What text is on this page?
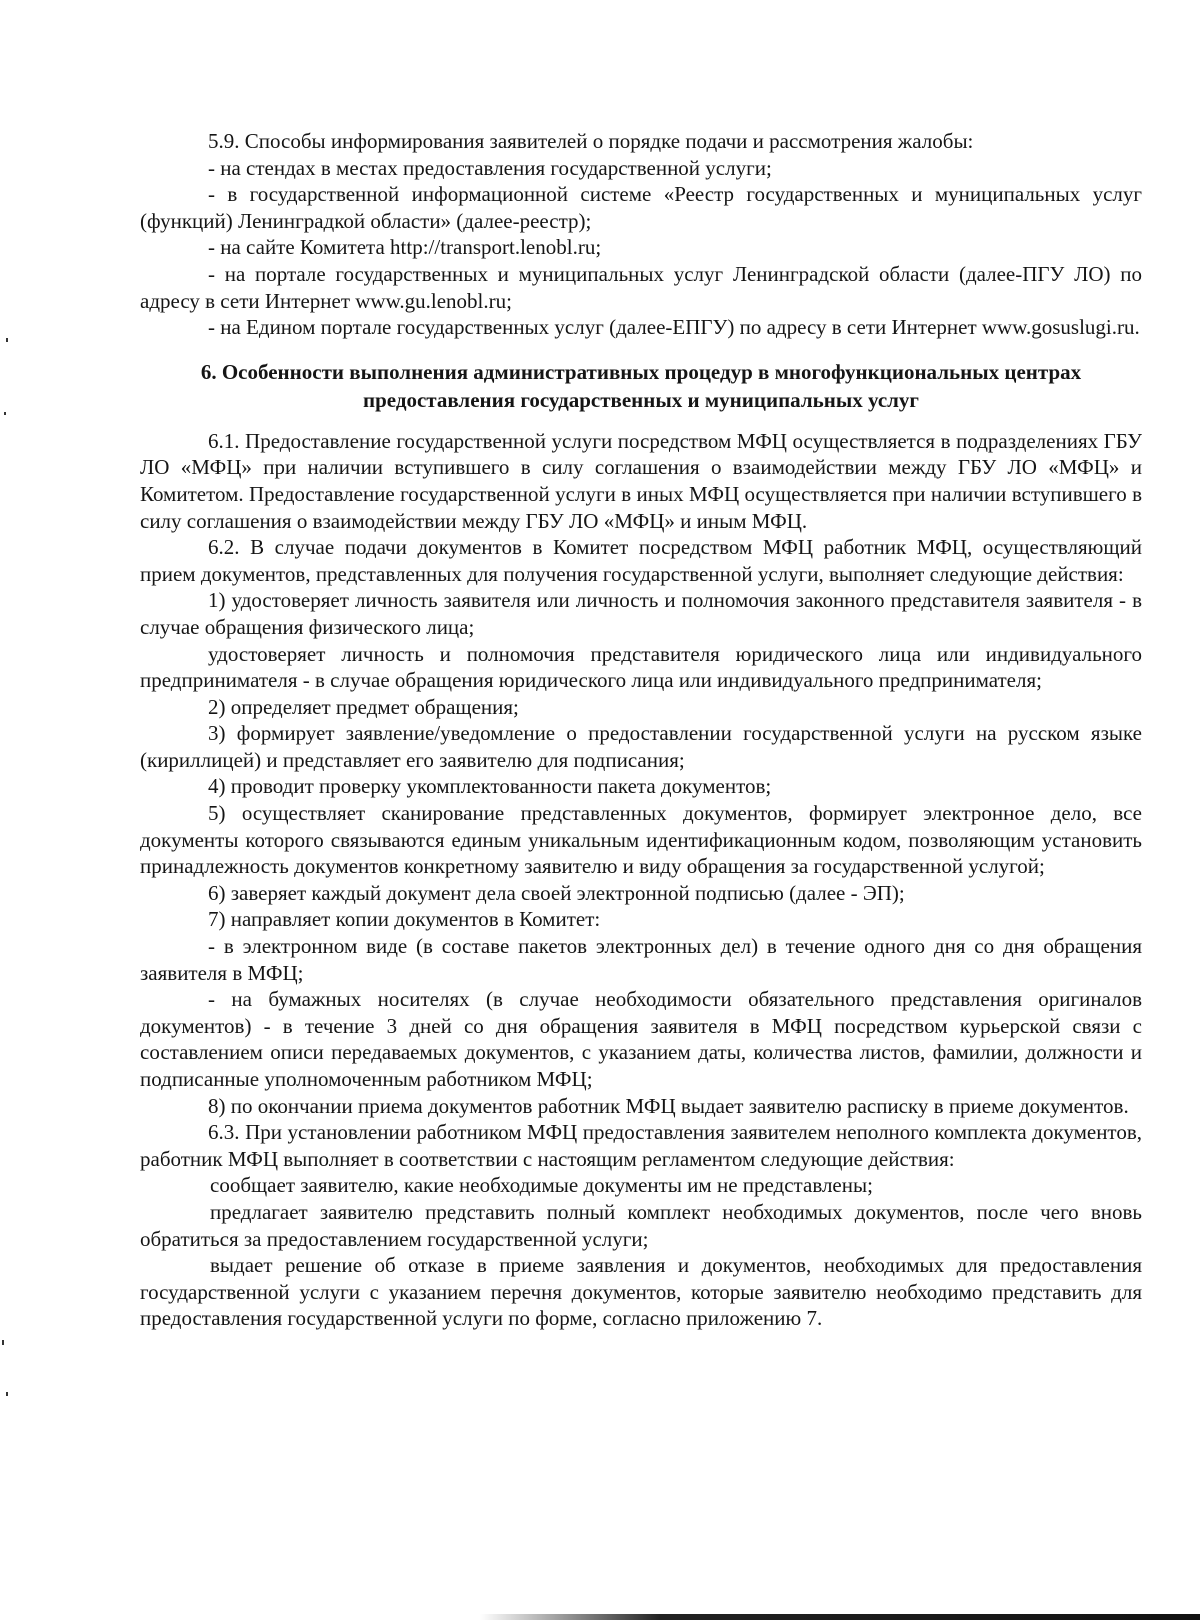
5.9. Способы информирования заявителей о порядке подачи и рассмотрения жалобы:

- на стендах в местах предоставления государственной услуги;

- в государственной информационной системе «Реестр государственных и муниципальных услуг (функций) Ленинградкой области» (далее-реестр);

- на сайте Комитета http://transport.lenobl.ru;

- на портале государственных и муниципальных услуг Ленинградской области (далее-ПГУ ЛО) по адресу в сети Интернет www.gu.lenobl.ru;

- на Едином портале государственных услуг (далее-ЕПГУ) по адресу в сети Интернет www.gosuslugi.ru.

6. Особенности выполнения административных процедур в многофункциональных центрах предоставления государственных и муниципальных услуг

6.1. Предоставление государственной услуги посредством МФЦ осуществляется в подразделениях ГБУ ЛО «МФЦ» при наличии вступившего в силу соглашения о взаимодействии между ГБУ ЛО «МФЦ» и Комитетом. Предоставление государственной услуги в иных МФЦ осуществляется при наличии вступившего в силу соглашения о взаимодействии между ГБУ ЛО «МФЦ» и иным МФЦ.

6.2. В случае подачи документов в Комитет посредством МФЦ работник МФЦ, осуществляющий прием документов, представленных для получения государственной услуги, выполняет следующие действия:

1) удостоверяет личность заявителя или личность и полномочия законного представителя заявителя - в случае обращения физического лица;

удостоверяет личность и полномочия представителя юридического лица или индивидуального предпринимателя - в случае обращения юридического лица или индивидуального предпринимателя;

2) определяет предмет обращения;

3) формирует заявление/уведомление о предоставлении государственной услуги на русском языке (кириллицей) и представляет его заявителю для подписания;

4) проводит проверку укомплектованности пакета документов;

5) осуществляет сканирование представленных документов, формирует электронное дело, все документы которого связываются единым уникальным идентификационным кодом, позволяющим установить принадлежность документов конкретному заявителю и виду обращения за государственной услугой;

6) заверяет каждый документ дела своей электронной подписью (далее - ЭП);

7) направляет копии документов в Комитет:

- в электронном виде (в составе пакетов электронных дел) в течение одного дня со дня обращения заявителя в МФЦ;

- на бумажных носителях (в случае необходимости обязательного представления оригиналов документов) - в течение 3 дней со дня обращения заявителя в МФЦ посредством курьерской связи с составлением описи передаваемых документов, с указанием даты, количества листов, фамилии, должности и подписанные уполномоченным работником МФЦ;

8) по окончании приема документов работник МФЦ выдает заявителю расписку в приеме документов.

6.3. При установлении работником МФЦ предоставления заявителем неполного комплекта документов, работник МФЦ выполняет в соответствии с настоящим регламентом следующие действия:

сообщает заявителю, какие необходимые документы им не представлены;

предлагает заявителю представить полный комплект необходимых документов, после чего вновь обратиться за предоставлением государственной услуги;

выдает решение об отказе в приеме заявления и документов, необходимых для предоставления государственной услуги с указанием перечня документов, которые заявителю необходимо представить для предоставления государственной услуги по форме, согласно приложению 7.
